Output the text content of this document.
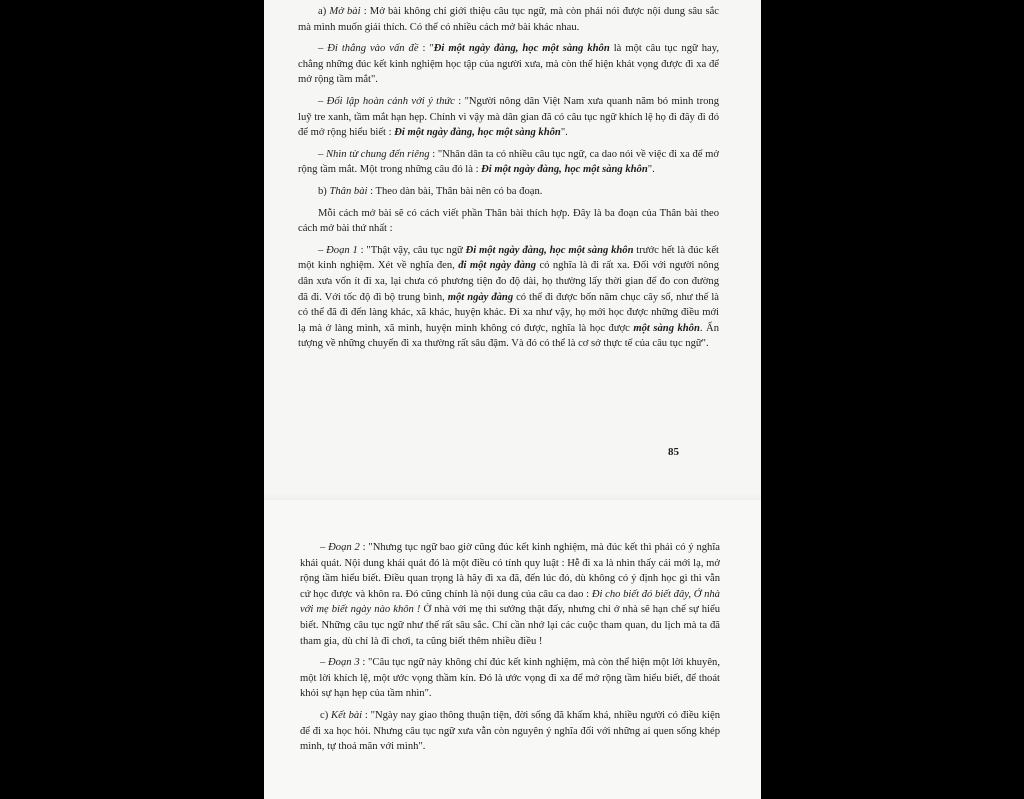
a) Mở bài : Mở bài không chỉ giới thiệu câu tục ngữ, mà còn phải nói được nội dung sâu sắc mà mình muốn giải thích. Có thể có nhiều cách mở bài khác nhau.

– Đi thẳng vào vấn đề : "Đi một ngày đàng, học một sàng khôn là một câu tục ngữ hay, chẳng những đúc kết kinh nghiệm học tập của người xưa, mà còn thể hiện khát vọng được đi xa để mở rộng tầm mắt".

– Đối lập hoàn cảnh với ý thức : "Người nông dân Việt Nam xưa quanh năm bó mình trong luỹ tre xanh, tầm mắt hạn hẹp. Chính vì vậy mà dân gian đã có câu tục ngữ khích lệ họ đi đây đi đó để mở rộng hiểu biết : Đi một ngày đàng, học một sàng khôn".

– Nhìn từ chung đến riêng : "Nhân dân ta có nhiều câu tục ngữ, ca dao nói về việc đi xa để mở rộng tầm mắt. Một trong những câu đó là : Đi một ngày đàng, học một sàng khôn".

b) Thân bài : Theo dàn bài, Thân bài nên có ba đoạn.

Mỗi cách mở bài sẽ có cách viết phần Thân bài thích hợp. Đây là ba đoạn của Thân bài theo cách mở bài thứ nhất :

– Đoạn 1 : "Thật vậy, câu tục ngữ Đi một ngày đàng, học một sàng khôn trước hết là đúc kết một kinh nghiệm. Xét về nghĩa đen, đi một ngày đàng có nghĩa là đi rất xa. Đối với người nông dân xưa vốn ít đi xa, lại chưa có phương tiện đo độ dài, họ thường lấy thời gian để đo con đường đã đi. Với tốc độ đi bộ trung bình, một ngày đàng có thể đi được bốn năm chục cây số, như thế là có thể đã đi đến làng khác, xã khác, huyện khác. Đi xa như vậy, họ mới học được những điều mới lạ mà ở làng mình, xã mình, huyện mình không có được, nghĩa là học được một sàng khôn. Ấn tượng về những chuyến đi xa thường rất sâu đậm. Và đó có thể là cơ sở thực tế của câu tục ngữ".

85

– Đoạn 2 : "Nhưng tục ngữ bao giờ cũng đúc kết kinh nghiệm, mà đúc kết thì phải có ý nghĩa khái quát. Nội dung khái quát đó là một điều có tính quy luật : Hễ đi xa là nhìn thấy cái mới lạ, mở rộng tầm hiểu biết. Điều quan trọng là hãy đi xa đã, đến lúc đó, dù không có ý định học gì thì vẫn cứ học được và khôn ra. Đó cũng chính là nội dung của câu ca dao : Đi cho biết đó biết đây, Ở nhà với mẹ biết ngày nào khôn ! Ở nhà với mẹ thì sướng thật đấy, nhưng chỉ ở nhà sẽ hạn chế sự hiểu biết. Những câu tục ngữ như thế rất sâu sắc. Chỉ cần nhớ lại các cuộc tham quan, du lịch mà ta đã tham gia, dù chỉ là đi chơi, ta cũng biết thêm nhiều điều !

– Đoạn 3 : "Câu tục ngữ này không chỉ đúc kết kinh nghiệm, mà còn thể hiện một lời khuyên, một lời khích lệ, một ước vọng thầm kín. Đó là ước vọng đi xa để mở rộng tầm hiểu biết, để thoát khỏi sự hạn hẹp của tầm nhìn".

c) Kết bài : "Ngày nay giao thông thuận tiện, đời sống đã khấm khá, nhiều người có điều kiện để đi xa học hỏi. Nhưng câu tục ngữ xưa vẫn còn nguyên ý nghĩa đối với những ai quen sống khép mình, tự thoả mãn với mình".
